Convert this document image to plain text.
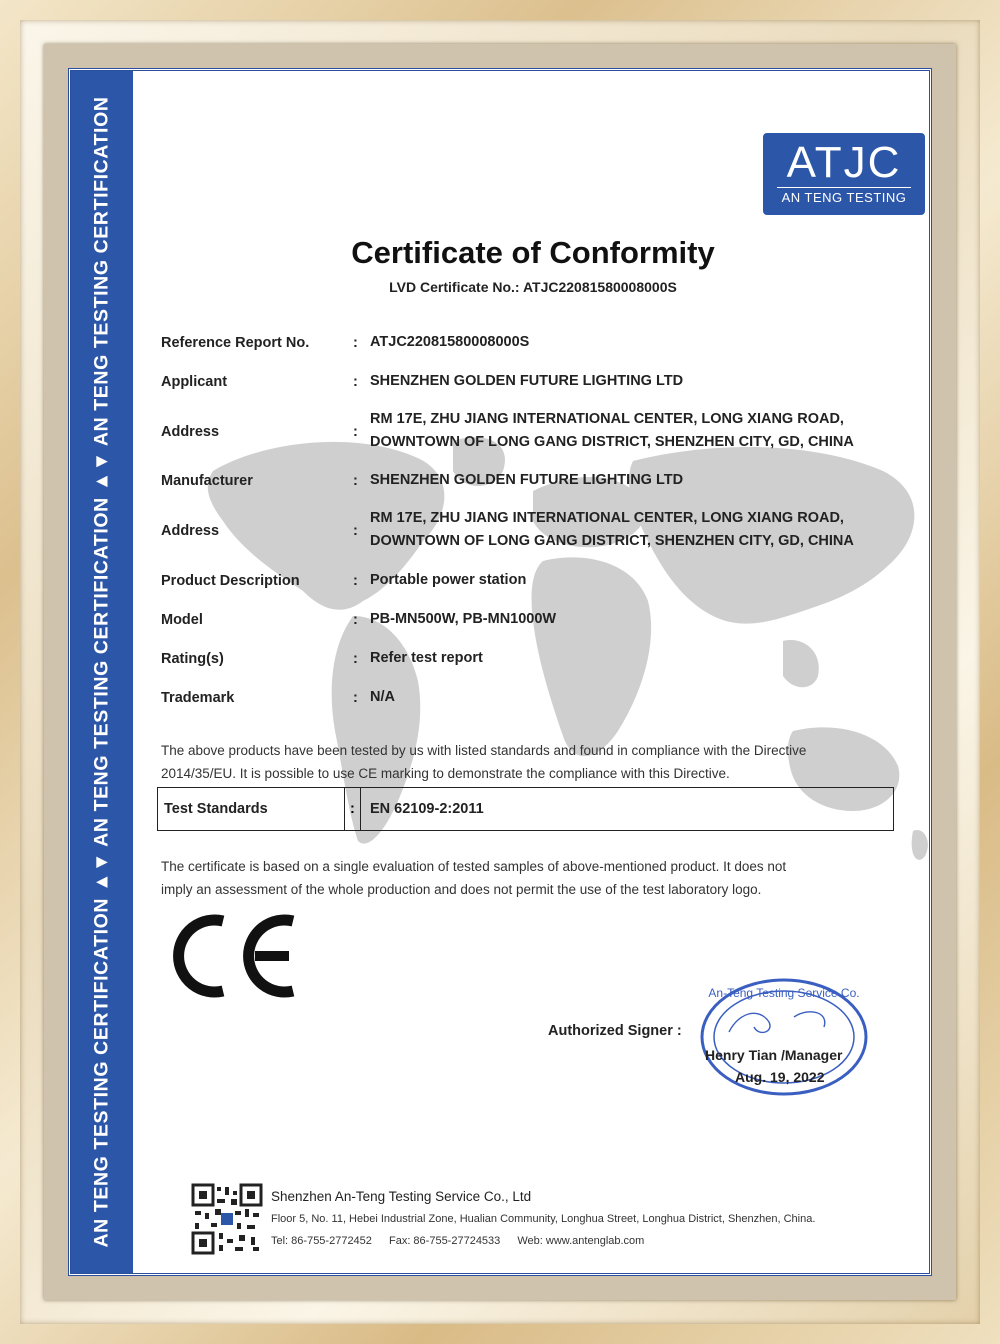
AN TENG TESTING CERTIFICATION ▲▼ AN TENG TESTING CERTIFICATION ▲▼ AN TENG TESTING CERTIFICATION	ATJC
AN TENG TESTING
Certificate of Conformity
LVD Certificate No.: ATJC22081580008000S
Reference Report No.	: ATJC22081580008000S
Applicant	: SHENZHEN GOLDEN FUTURE LIGHTING LTD
Address	:
RM 17E, ZHU JIANG INTERNATIONAL CENTER, LONG XIANG ROAD,
DOWNTOWN OF LONG GANG DISTRICT, SHENZHEN CITY, GD, CHINA
Manufacturer	: SHENZHEN GOLDEN FUTURE LIGHTING LTD
Address	:
RM 17E, ZHU JIANG INTERNATIONAL CENTER, LONG XIANG ROAD,
DOWNTOWN OF LONG GANG DISTRICT, SHENZHEN CITY, GD, CHINA
Product Description	: Portable power station
Model	: PB-MN500W, PB-MN1000W
Rating(s)	: Refer test report
Trademark	: N/A
The above products have been tested by us with listed standards and found in compliance with the Directive
2014/35/EU. It is possible to use CE marking to demonstrate the compliance with this Directive.
Test Standards	: EN 62109-2:2011
The certificate is based on a single evaluation of tested samples of above-mentioned product. It does not
imply an assessment of the whole production and does not permit the use of the test laboratory logo.
Authorized Signer :
An-Teng Testing Service Co.
Henry Tian /Manager
Aug. 19, 2022
Shenzhen An-Teng Testing Service Co., Ltd
Floor 5, No. 11, Hebei Industrial Zone, Hualian Community, Longhua Street, Longhua District, Shenzhen, China.
Tel: 86-755-2772452 Fax: 86-755-27724533 Web: www.antenglab.com
